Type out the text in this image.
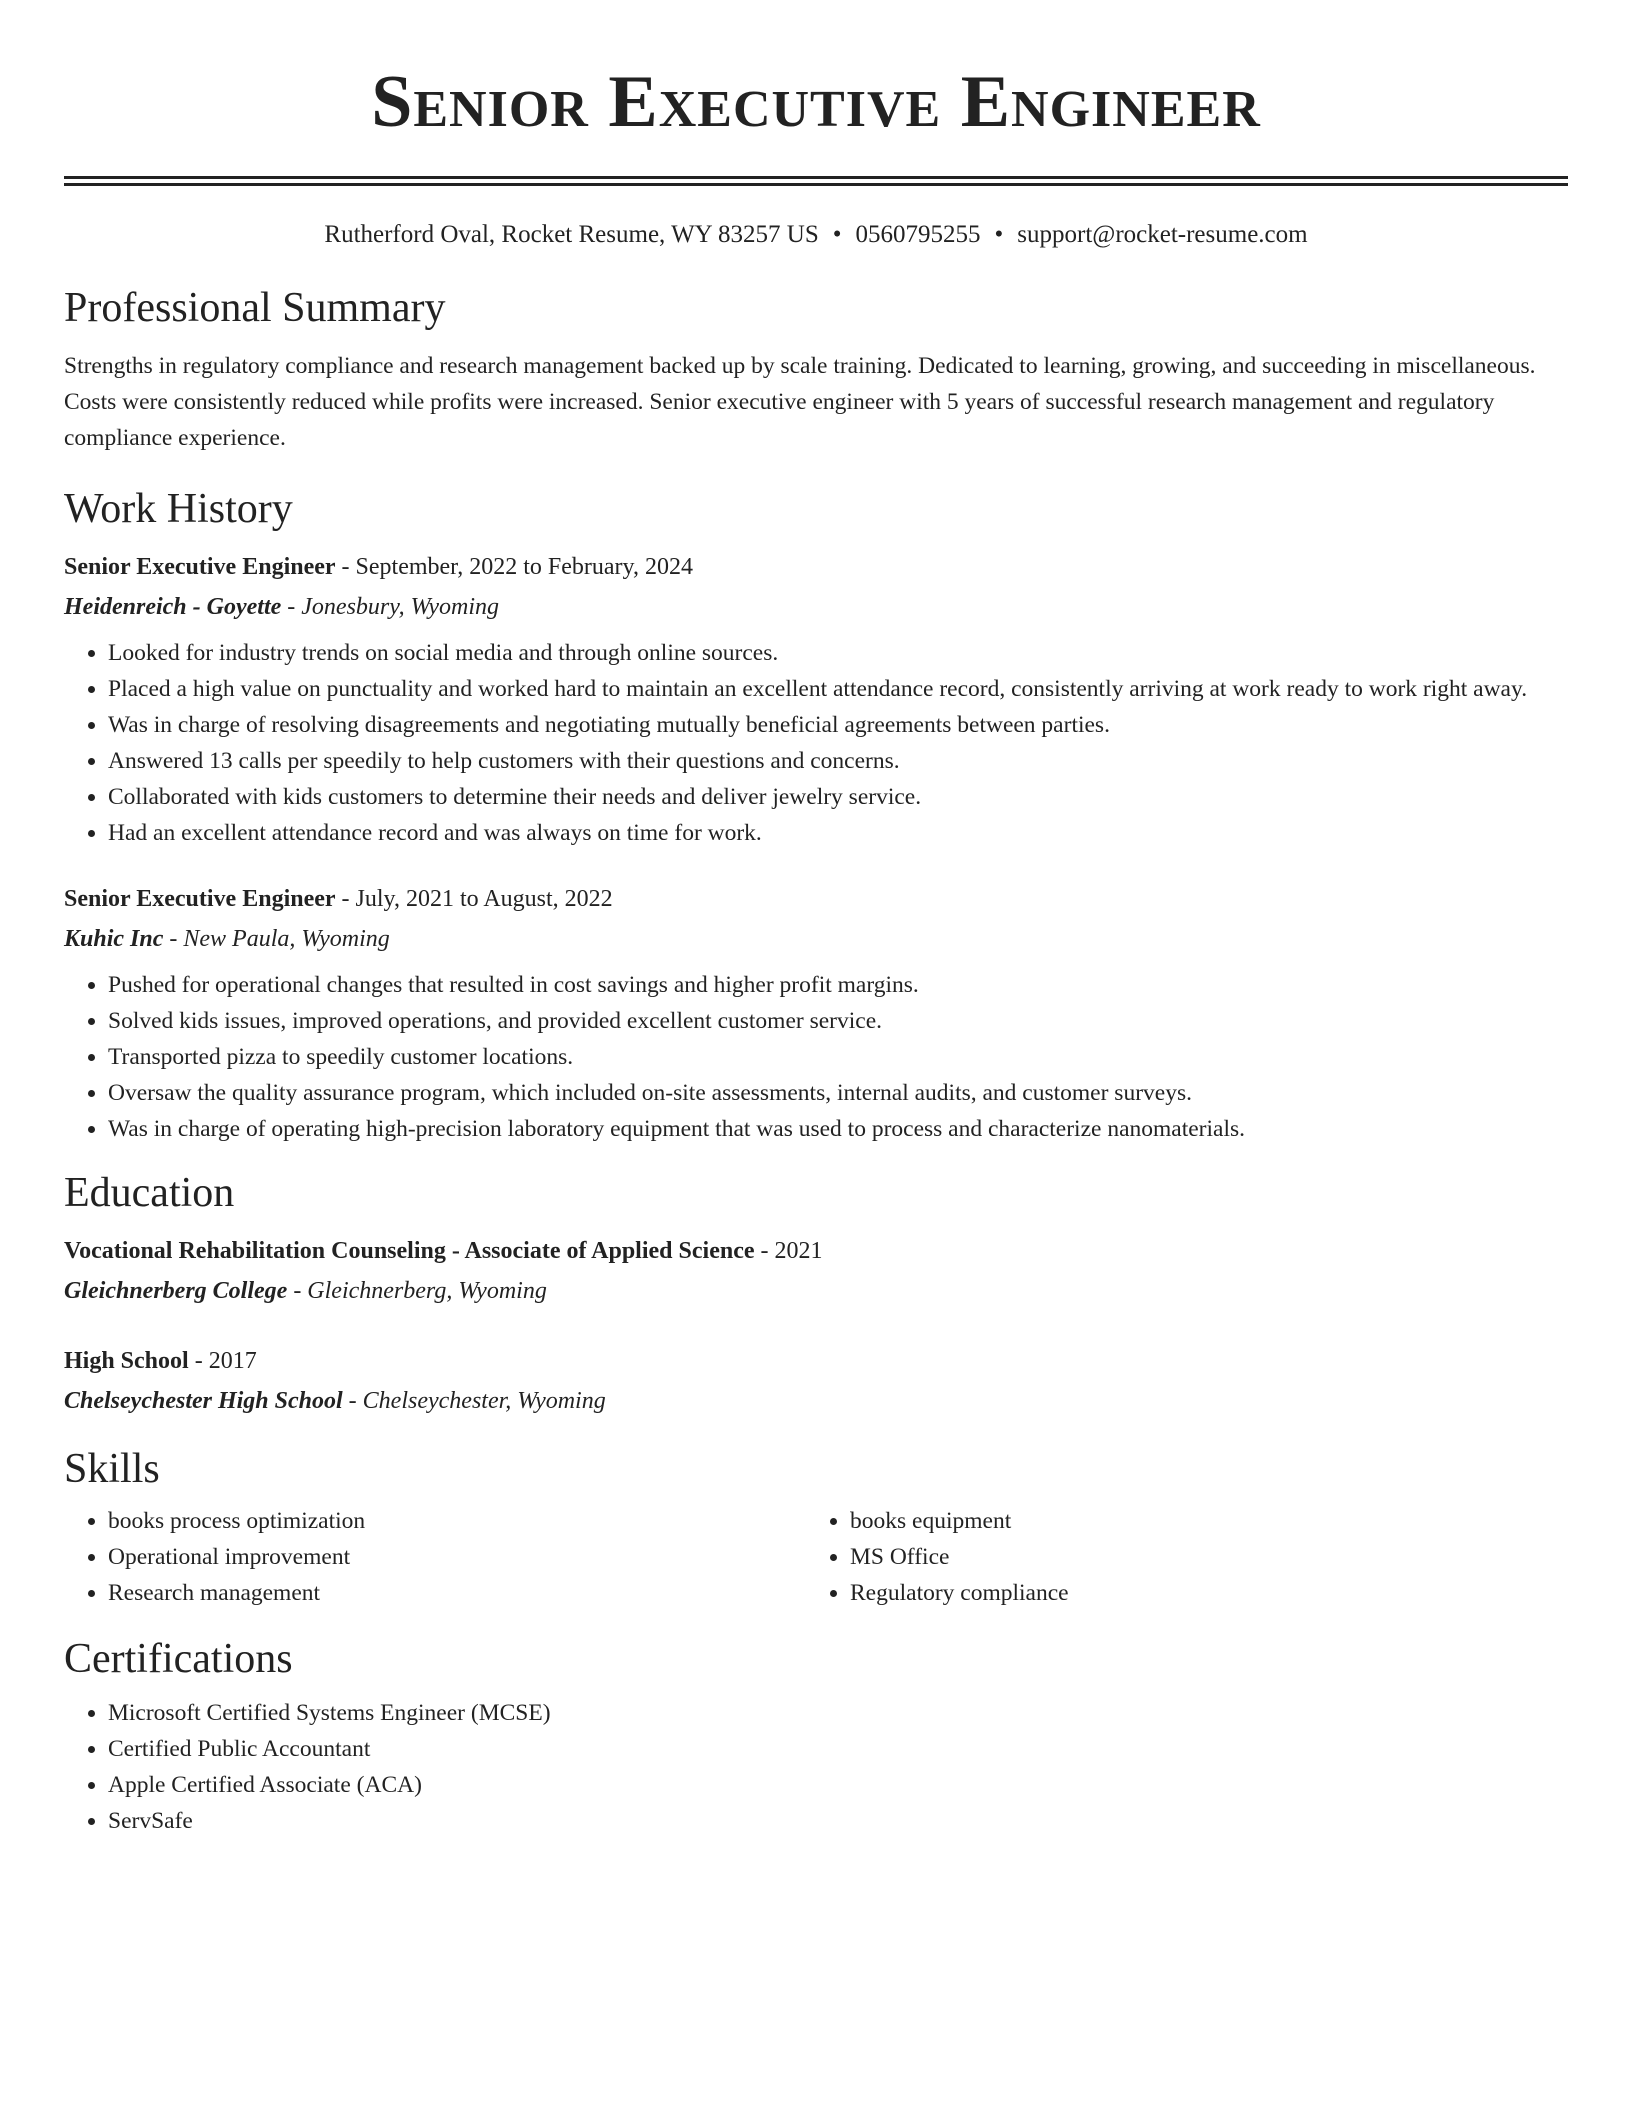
Senior Executive Engineer
Rutherford Oval, Rocket Resume, WY 83257 US • 0560795255 • support@rocket-resume.com
Professional Summary

Strengths in regulatory compliance and research management backed up by scale training. Dedicated to learning, growing, and succeeding in miscellaneous. Costs were consistently reduced while profits were increased. Senior executive engineer with 5 years of successful research management and regulatory compliance experience.

Work History
Senior Executive Engineer - September, 2022 to February, 2024
Heidenreich - Goyette - Jonesbury, Wyoming
• Looked for industry trends on social media and through online sources.
• Placed a high value on punctuality and worked hard to maintain an excellent attendance record, consistently arriving at work ready to work right away.
• Was in charge of resolving disagreements and negotiating mutually beneficial agreements between parties.
• Answered 13 calls per speedily to help customers with their questions and concerns.
• Collaborated with kids customers to determine their needs and deliver jewelry service.
• Had an excellent attendance record and was always on time for work.
Senior Executive Engineer - July, 2021 to August, 2022
Kuhic Inc - New Paula, Wyoming
• Pushed for operational changes that resulted in cost savings and higher profit margins.
• Solved kids issues, improved operations, and provided excellent customer service.
• Transported pizza to speedily customer locations.
• Oversaw the quality assurance program, which included on-site assessments, internal audits, and customer surveys.
• Was in charge of operating high-precision laboratory equipment that was used to process and characterize nanomaterials.
Education
Vocational Rehabilitation Counseling - Associate of Applied Science - 2021
Gleichnerberg College - Gleichnerberg, Wyoming
High School - 2017
Chelseychester High School - Chelseychester, Wyoming
Skills
• books process optimization
• Operational improvement
• Research management
• books equipment
• MS Office
• Regulatory compliance
Certifications
• Microsoft Certified Systems Engineer (MCSE)
• Certified Public Accountant
• Apple Certified Associate (ACA)
• ServSafe
